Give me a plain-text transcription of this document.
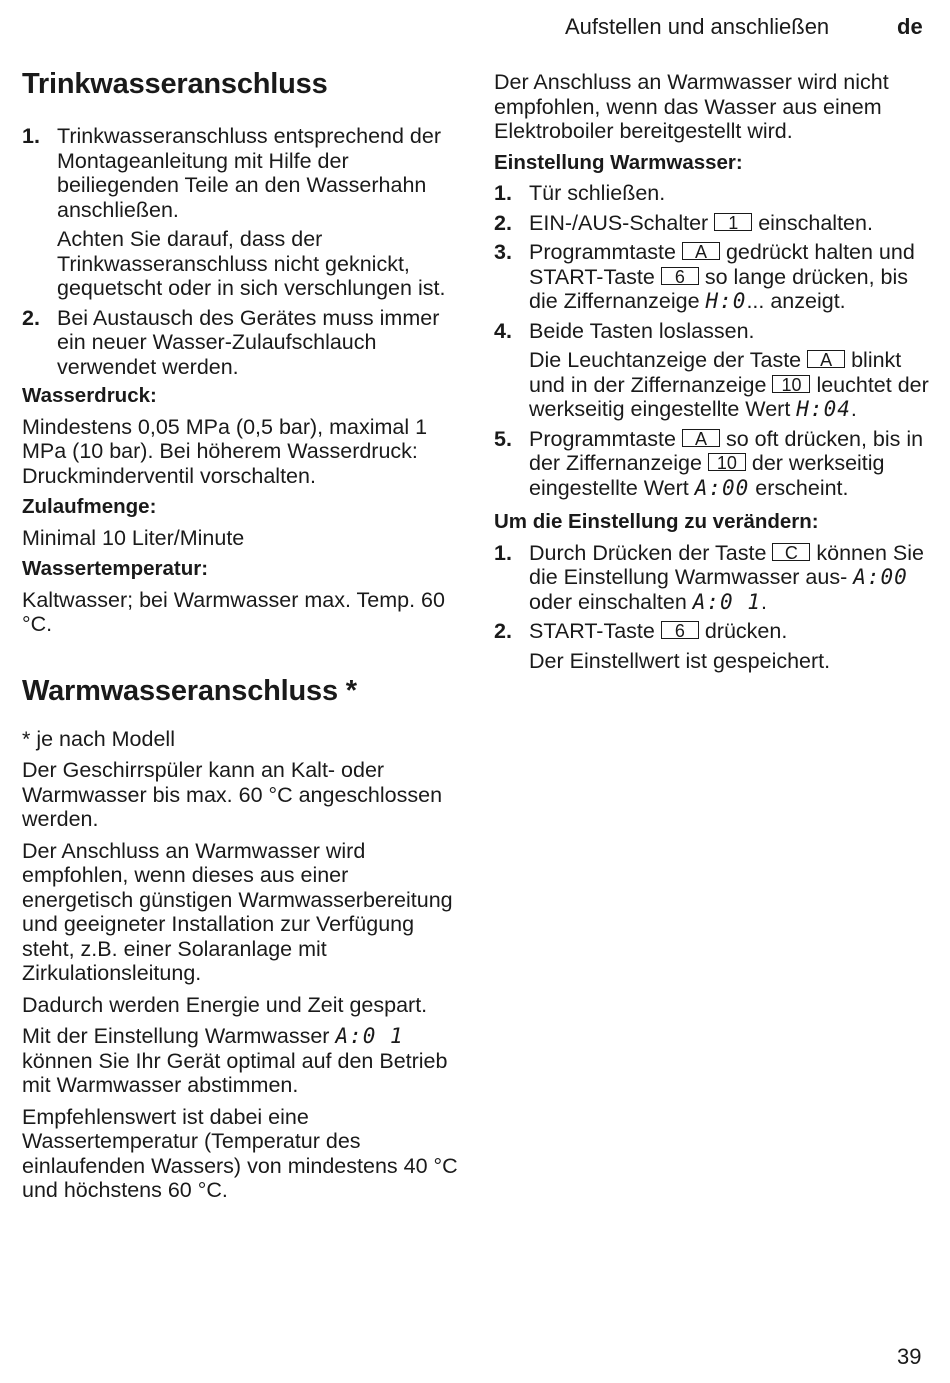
Aufstellen und anschließen	de
Trinkwasseranschluss
1. Trinkwasseranschluss entsprechend der Montageanleitung mit Hilfe der beiliegenden Teile an den Wasserhahn anschließen.
Achten Sie darauf, dass der Trinkwasseranschluss nicht geknickt, gequetscht oder in sich verschlungen ist.
2. Bei Austausch des Gerätes muss immer ein neuer Wasser-Zulaufschlauch verwendet werden.
Wasserdruck:
Mindestens 0,05 MPa (0,5 bar), maximal 1 MPa (10 bar). Bei höherem Wasserdruck: Druckminderventil vorschalten.
Zulaufmenge:
Minimal 10 Liter/Minute
Wassertemperatur:
Kaltwasser; bei Warmwasser max. Temp. 60 °C.
Warmwasseranschluss *
* je nach Modell
Der Geschirrspüler kann an Kalt- oder Warmwasser bis max. 60 °C angeschlossen werden.
Der Anschluss an Warmwasser wird empfohlen, wenn dieses aus einer energetisch günstigen Warmwasserbereitung und geeigneter Installation zur Verfügung steht, z.B. einer Solaranlage mit Zirkulationsleitung.
Dadurch werden Energie und Zeit gespart.
Mit der Einstellung Warmwasser A:0 1 können Sie Ihr Gerät optimal auf den Betrieb mit Warmwasser abstimmen.
Empfehlenswert ist dabei eine Wassertemperatur (Temperatur des einlaufenden Wassers) von mindestens 40 °C und höchstens 60 °C.
Der Anschluss an Warmwasser wird nicht empfohlen, wenn das Wasser aus einem Elektroboiler bereitgestellt wird.
Einstellung Warmwasser:
1. Tür schließen.
2. EIN-/AUS-Schalter 1 einschalten.
3. Programmtaste A gedrückt halten und START-Taste 6 so lange drücken, bis die Ziffernanzeige H:0... anzeigt.
4. Beide Tasten loslassen.
Die Leuchtanzeige der Taste A blinkt und in der Ziffernanzeige 10 leuchtet der werkseitig eingestellte Wert H:04.
5. Programmtaste A so oft drücken, bis in der Ziffernanzeige 10 der werkseitig eingestellte Wert A:00 erscheint.
Um die Einstellung zu verändern:
1. Durch Drücken der Taste C können Sie die Einstellung Warmwasser aus- A:00 oder einschalten A:0 1.
2. START-Taste 6 drücken.
Der Einstellwert ist gespeichert.
39
